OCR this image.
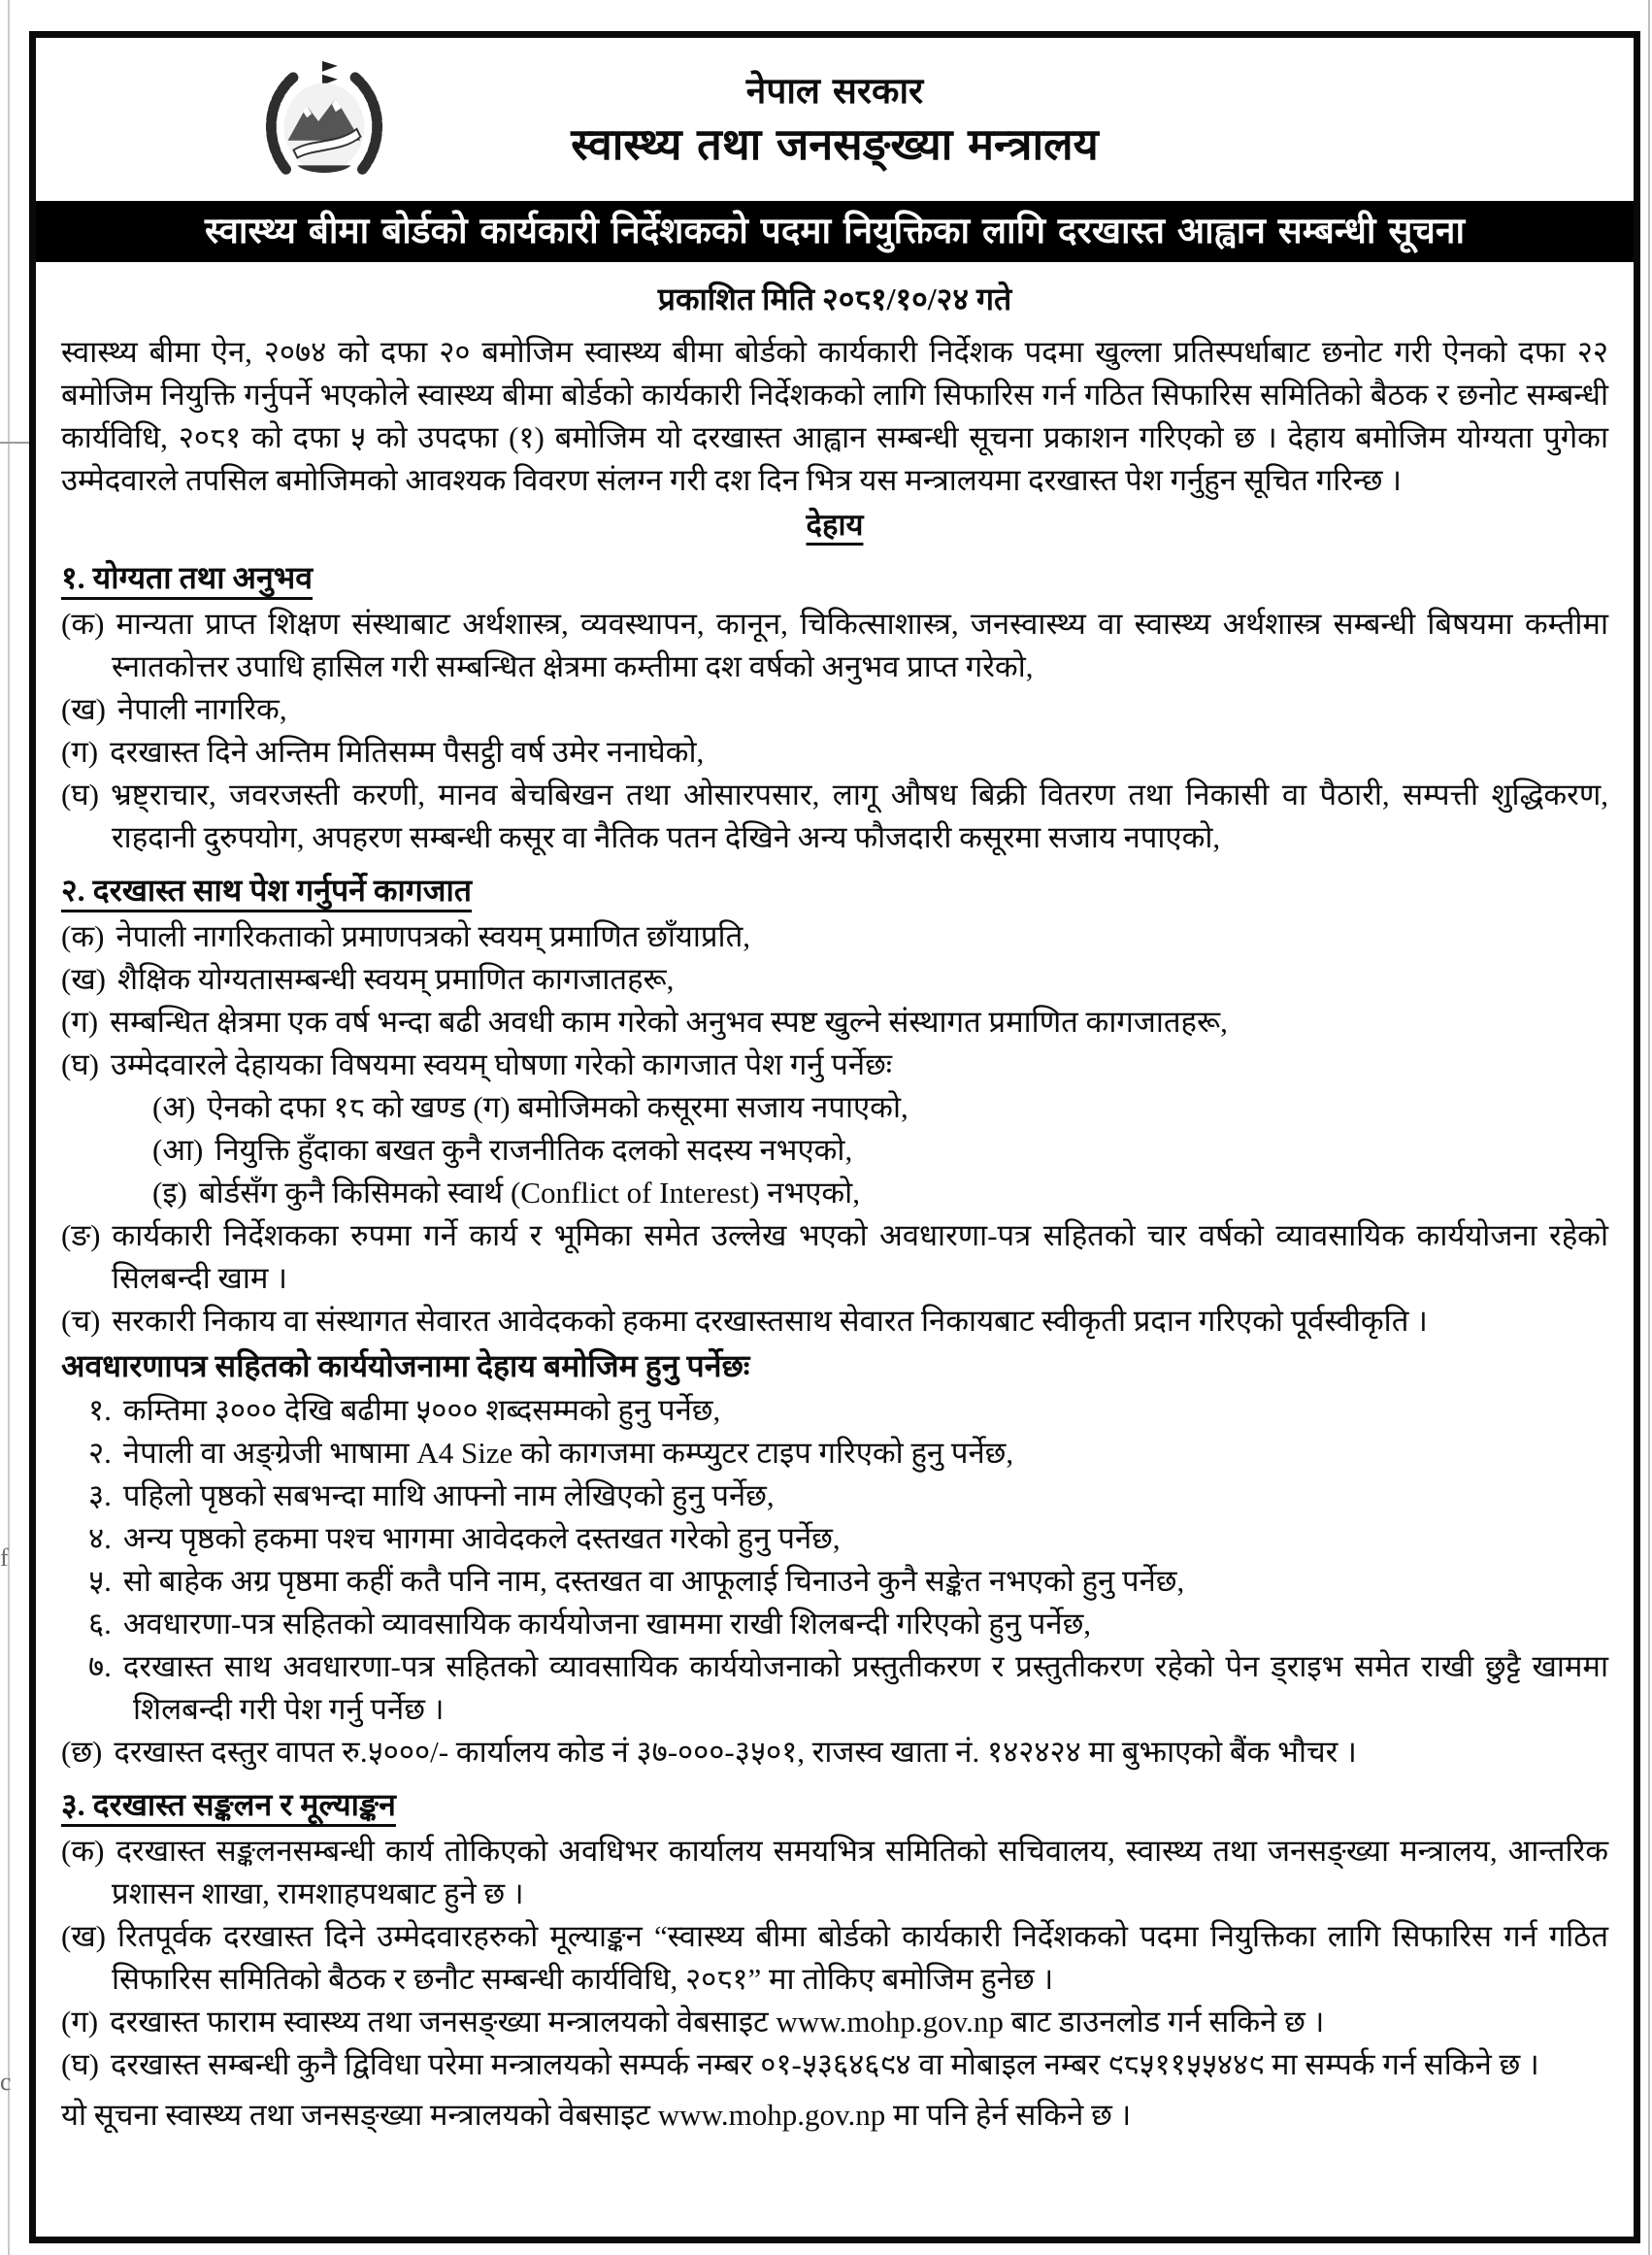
f
c
नेपाल सरकार
स्वास्थ्य तथा जनसङ्ख्या मन्त्रालय
स्वास्थ्य बीमा बोर्डको कार्यकारी निर्देशकको पदमा नियुक्तिका लागि दरखास्त आह्वान सम्बन्धी सूचना
प्रकाशित मिति २०८१/१०/२४ गते
स्वास्थ्य बीमा ऐन, २०७४ को दफा २० बमोजिम स्वास्थ्य बीमा बोर्डको कार्यकारी निर्देशक पदमा खुल्ला प्रतिस्पर्धाबाट छनोट गरी ऐनको दफा २२ बमोजिम नियुक्ति गर्नुपर्ने भएकोले स्वास्थ्य बीमा बोर्डको कार्यकारी निर्देशकको लागि सिफारिस गर्न गठित सिफारिस समितिको बैठक र छनोट सम्बन्धी कार्यविधि, २०८१ को दफा ५ को उपदफा (१) बमोजिम यो दरखास्त आह्वान सम्बन्धी सूचना प्रकाशन गरिएको छ । देहाय बमोजिम योग्यता पुगेका उम्मेदवारले तपसिल बमोजिमको आवश्यक विवरण संलग्न गरी दश दिन भित्र यस मन्त्रालयमा दरखास्त पेश गर्नुहुन सूचित गरिन्छ ।
देहाय
१. योग्यता तथा अनुभव
(क) मान्यता प्राप्त शिक्षण संस्थाबाट अर्थशास्त्र, व्यवस्थापन, कानून, चिकित्साशास्त्र, जनस्वास्थ्य वा स्वास्थ्य अर्थशास्त्र सम्बन्धी बिषयमा कम्तीमा स्नातकोत्तर उपाधि हासिल गरी सम्बन्धित क्षेत्रमा कम्तीमा दश वर्षको अनुभव प्राप्त गरेको,
(ख) नेपाली नागरिक,
(ग) दरखास्त दिने अन्तिम मितिसम्म पैसट्ठी वर्ष उमेर ननाघेको,
(घ) भ्रष्ट्राचार, जवरजस्ती करणी, मानव बेचबिखन तथा ओसारपसार, लागू औषध बिक्री वितरण तथा निकासी वा पैठारी, सम्पत्ती शुद्धिकरण, राहदानी दुरुपयोग, अपहरण सम्बन्धी कसूर वा नैतिक पतन देखिने अन्य फौजदारी कसूरमा सजाय नपाएको,
२. दरखास्त साथ पेश गर्नुपर्ने कागजात
(क) नेपाली नागरिकताको प्रमाणपत्रको स्वयम् प्रमाणित छाँयाप्रति,
(ख) शैक्षिक योग्यतासम्बन्धी स्वयम् प्रमाणित कागजातहरू,
(ग) सम्बन्धित क्षेत्रमा एक वर्ष भन्दा बढी अवधी काम गरेको अनुभव स्पष्ट खुल्ने संस्थागत प्रमाणित कागजातहरू,
(घ) उम्मेदवारले देहायका विषयमा स्वयम् घोषणा गरेको कागजात पेश गर्नु पर्नेछः
(अ) ऐनको दफा १८ को खण्ड (ग) बमोजिमको कसूरमा सजाय नपाएको,
(आ) नियुक्ति हुँदाका बखत कुनै राजनीतिक दलको सदस्य नभएको,
(इ) बोर्डसँग कुनै किसिमको स्वार्थ (Conflict of Interest) नभएको,
(ङ) कार्यकारी निर्देशकका रुपमा गर्ने कार्य र भूमिका समेत उल्लेख भएको अवधारणा-पत्र सहितको चार वर्षको व्यावसायिक कार्ययोजना रहेको सिलबन्दी खाम ।
(च) सरकारी निकाय वा संस्थागत सेवारत आवेदकको हकमा दरखास्तसाथ सेवारत निकायबाट स्वीकृती प्रदान गरिएको पूर्वस्वीकृति ।
अवधारणापत्र सहितको कार्ययोजनामा देहाय बमोजिम हुनु पर्नेछः
१. कम्तिमा ३००० देखि बढीमा ५००० शब्दसम्मको हुनु पर्नेछ,
२. नेपाली वा अङ्ग्रेजी भाषामा A4 Size को कागजमा कम्प्युटर टाइप गरिएको हुनु पर्नेछ,
३. पहिलो पृष्ठको सबभन्दा माथि आफ्नो नाम लेखिएको हुनु पर्नेछ,
४. अन्य पृष्ठको हकमा पश्च भागमा आवेदकले दस्तखत गरेको हुनु पर्नेछ,
५. सो बाहेक अग्र पृष्ठमा कहीं कतै पनि नाम, दस्तखत वा आफूलाई चिनाउने कुनै सङ्केत नभएको हुनु पर्नेछ,
६. अवधारणा-पत्र सहितको व्यावसायिक कार्ययोजना खाममा राखी शिलबन्दी गरिएको हुनु पर्नेछ,
७. दरखास्त साथ अवधारणा-पत्र सहितको व्यावसायिक कार्ययोजनाको प्रस्तुतीकरण र प्रस्तुतीकरण रहेको पेन ड्राइभ समेत राखी छुट्टै खाममा शिलबन्दी गरी पेश गर्नु पर्नेछ ।
(छ) दरखास्त दस्तुर वापत रु.५०००/- कार्यालय कोड नं ३७-०००-३५०१, राजस्व खाता नं. १४२४२४ मा बुझाएको बैंक भौचर ।
३. दरखास्त सङ्कलन र मूल्याङ्कन
(क) दरखास्त सङ्कलनसम्बन्धी कार्य तोकिएको अवधिभर कार्यालय समयभित्र समितिको सचिवालय, स्वास्थ्य तथा जनसङ्ख्या मन्त्रालय, आन्तरिक प्रशासन शाखा, रामशाहपथबाट हुने छ ।
(ख) रितपूर्वक दरखास्त दिने उम्मेदवारहरुको मूल्याङ्कन “स्वास्थ्य बीमा बोर्डको कार्यकारी निर्देशकको पदमा नियुक्तिका लागि सिफारिस गर्न गठित सिफारिस समितिको बैठक र छनौट सम्बन्धी कार्यविधि, २०८१” मा तोकिए बमोजिम हुनेछ ।
(ग) दरखास्त फाराम स्वास्थ्य तथा जनसङ्ख्या मन्त्रालयको वेबसाइट www.mohp.gov.np बाट डाउनलोड गर्न सकिने छ ।
(घ) दरखास्त सम्बन्धी कुनै द्विविधा परेमा मन्त्रालयको सम्पर्क नम्बर ०१-५३६४६९४ वा मोबाइल नम्बर ९८५११५५४४९ मा सम्पर्क गर्न सकिने छ ।
यो सूचना स्वास्थ्य तथा जनसङ्ख्या मन्त्रालयको वेबसाइट www.mohp.gov.np मा पनि हेर्न सकिने छ ।
